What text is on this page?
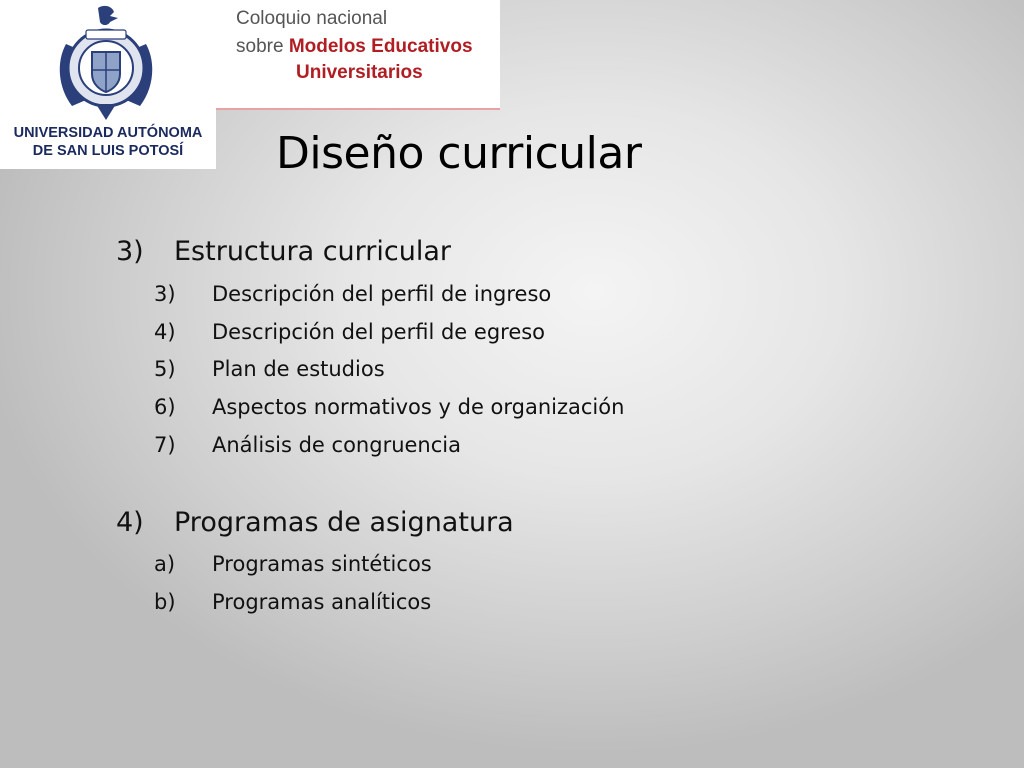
UNIVERSIDAD AUTÓNOMA
DE SAN LUIS POTOSÍ
Coloquio nacional
sobre Modelos Educativos
Universitarios
Diseño curricular
3) Estructura curricular
3) Descripción del perfil de ingreso
4) Descripción del perfil de egreso
5) Plan de estudios
6) Aspectos normativos y de organización
7) Análisis de congruencia
4) Programas de asignatura
a) Programas sintéticos
b) Programas analíticos
